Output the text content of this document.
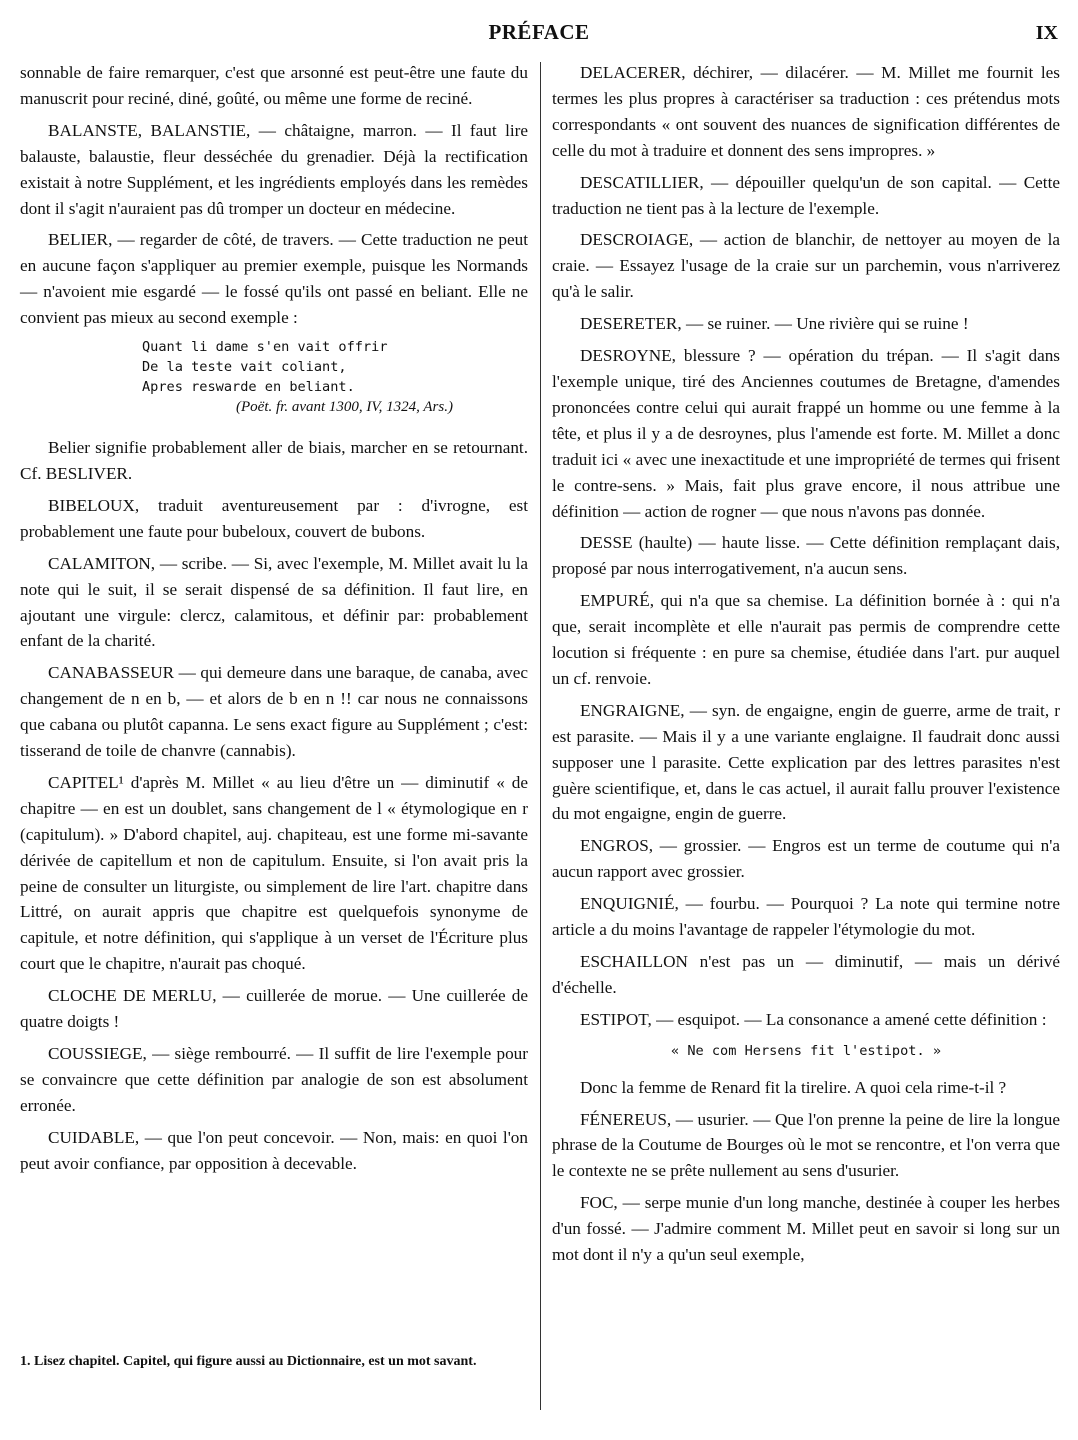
PRÉFACE	IX

sonnable de faire remarquer, c'est que arsonné est peut-être une faute du manuscrit pour reciné, diné, goûté, ou même une forme de reciné.

BALANSTE, BALANSTIE, — châtaigne, marron. — Il faut lire balauste, balaustie, fleur desséchée du grenadier. Déjà la rectification existait à notre Supplément, et les ingrédients employés dans les remèdes dont il s'agit n'auraient pas dû tromper un docteur en médecine.

BELIER, — regarder de côté, de travers. — Cette traduction ne peut en aucune façon s'appliquer au premier exemple, puisque les Normands — n'avoient mie esgardé — le fossé qu'ils ont passé en beliant. Elle ne convient pas mieux au second exemple :

Quant li dame s'en vait offrir
De la teste vait coliant,
Apres reswarde en beliant.
(Poët. fr. avant 1300, IV, 1324, Ars.)

Belier signifie probablement aller de biais, marcher en se retournant. Cf. BESLIVER.

BIBELOUX, traduit aventureusement par : d'ivrogne, est probablement une faute pour bubeloux, couvert de bubons.

CALAMITON, — scribe. — Si, avec l'exemple, M. Millet avait lu la note qui le suit, il se serait dispensé de sa définition. Il faut lire, en ajoutant une virgule: clercz, calamitous, et définir par: probablement enfant de la charité.

CANABASSEUR — qui demeure dans une baraque, de canaba, avec changement de n en b, — et alors de b en n !! car nous ne connaissons que cabana ou plutôt capanna. Le sens exact figure au Supplément ; c'est: tisserand de toile de chanvre (cannabis).

CAPITEL¹ d'après M. Millet « au lieu d'être un — diminutif « de chapitre — en est un doublet, sans changement de l « étymologique en r (capitulum). » D'abord chapitel, auj. chapiteau, est une forme mi-savante dérivée de capitellum et non de capitulum. Ensuite, si l'on avait pris la peine de consulter un liturgiste, ou simplement de lire l'art. chapitre dans Littré, on aurait appris que chapitre est quelquefois synonyme de capitule, et notre définition, qui s'applique à un verset de l'Écriture plus court que le chapitre, n'aurait pas choqué.

CLOCHE DE MERLU, — cuillerée de morue. — Une cuillerée de quatre doigts !

COUSSIEGE, — siège rembourré. — Il suffit de lire l'exemple pour se convaincre que cette définition par analogie de son est absolument erronée.

CUIDABLE, — que l'on peut concevoir. — Non, mais: en quoi l'on peut avoir confiance, par opposition à decevable.

DELACERER, déchirer, — dilacérer. — M. Millet me fournit les termes les plus propres à caractériser sa traduction : ces prétendus mots correspondants « ont souvent des nuances de signification différentes de celle du mot à traduire et donnent des sens impropres. »

DESCATILLIER, — dépouiller quelqu'un de son capital. — Cette traduction ne tient pas à la lecture de l'exemple.

DESCROIAGE, — action de blanchir, de nettoyer au moyen de la craie. — Essayez l'usage de la craie sur un parchemin, vous n'arriverez qu'à le salir.

DESERETER, — se ruiner. — Une rivière qui se ruine !

DESROYNE, blessure ? — opération du trépan. — Il s'agit dans l'exemple unique, tiré des Anciennes coutumes de Bretagne, d'amendes prononcées contre celui qui aurait frappé un homme ou une femme à la tête, et plus il y a de desroynes, plus l'amende est forte. M. Millet a donc traduit ici « avec une inexactitude et une impropriété de termes qui frisent le contre-sens. » Mais, fait plus grave encore, il nous attribue une définition — action de rogner — que nous n'avons pas donnée.

DESSE (haulte) — haute lisse. — Cette définition remplaçant dais, proposé par nous interrogativement, n'a aucun sens.

EMPURÉ, qui n'a que sa chemise. La définition bornée à : qui n'a que, serait incomplète et elle n'aurait pas permis de comprendre cette locution si fréquente : en pure sa chemise, étudiée dans l'art. pur auquel un cf. renvoie.

ENGRAIGNE, — syn. de engaigne, engin de guerre, arme de trait, r est parasite. — Mais il y a une variante englaigne. Il faudrait donc aussi supposer une l parasite. Cette explication par des lettres parasites n'est guère scientifique, et, dans le cas actuel, il aurait fallu prouver l'existence du mot engaigne, engin de guerre.

ENGROS, — grossier. — Engros est un terme de coutume qui n'a aucun rapport avec grossier.

ENQUIGNIÉ, — fourbu. — Pourquoi ? La note qui termine notre article a du moins l'avantage de rappeler l'étymologie du mot.

ESCHAILLON n'est pas un — diminutif, — mais un dérivé d'échelle.

ESTIPOT, — esquipot. — La consonance a amené cette définition :

« Ne com Hersens fit l'estipot. »

Donc la femme de Renard fit la tirelire. A quoi cela rime-t-il ?

FÉNEREUS, — usurier. — Que l'on prenne la peine de lire la longue phrase de la Coutume de Bourges où le mot se rencontre, et l'on verra que le contexte ne se prête nullement au sens d'usurier.

FOC, — serpe munie d'un long manche, destinée à couper les herbes d'un fossé. — J'admire comment M. Millet peut en savoir si long sur un mot dont il n'y a qu'un seul exemple,

1. Lisez chapitel. Capitel, qui figure aussi au Dictionnaire, est un mot savant.
